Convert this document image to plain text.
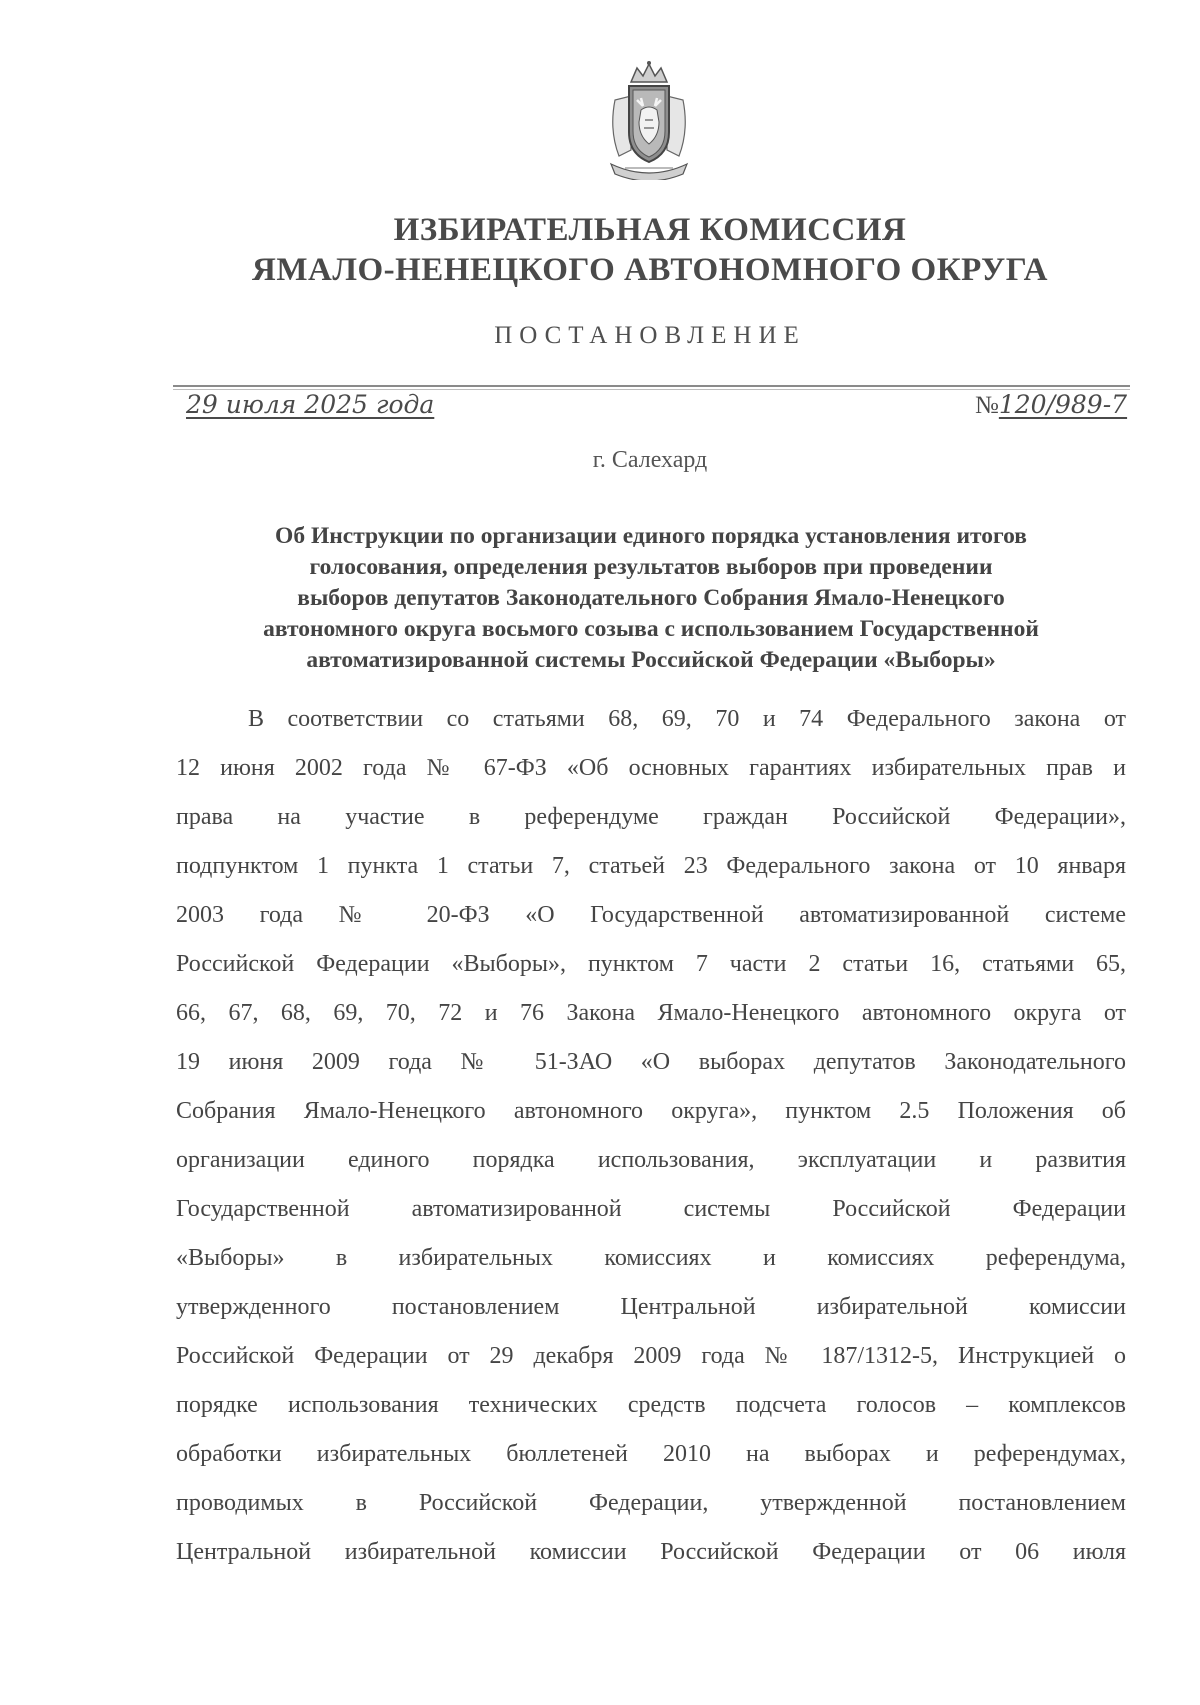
ИЗБИРАТЕЛЬНАЯ КОМИССИЯ
ЯМАЛО-НЕНЕЦКОГО АВТОНОМНОГО ОКРУГА
ПОСТАНОВЛЕНИЕ
29 июля 2025 года	№120/989-7
г. Салехард
Об Инструкции по организации единого порядка установления итогов
голосования, определения результатов выборов при проведении
выборов депутатов Законодательного Собрания Ямало-Ненецкого
автономного округа восьмого созыва с использованием Государственной
автоматизированной системы Российской Федерации «Выборы»
В соответствии со статьями 68, 69, 70 и 74 Федерального закона от
12 июня 2002 года № 67-ФЗ «Об основных гарантиях избирательных прав и
права на участие в референдуме граждан Российской Федерации»,
подпунктом 1 пункта 1 статьи 7, статьей 23 Федерального закона от 10 января
2003 года № 20-ФЗ «О Государственной автоматизированной системе
Российской Федерации «Выборы», пунктом 7 части 2 статьи 16, статьями 65,
66, 67, 68, 69, 70, 72 и 76 Закона Ямало-Ненецкого автономного округа от
19 июня 2009 года № 51-ЗАО «О выборах депутатов Законодательного
Собрания Ямало-Ненецкого автономного округа», пунктом 2.5 Положения об
организации единого порядка использования, эксплуатации и развития
Государственной автоматизированной системы Российской Федерации
«Выборы» в избирательных комиссиях и комиссиях референдума,
утвержденного постановлением Центральной избирательной комиссии
Российской Федерации от 29 декабря 2009 года № 187/1312-5, Инструкцией о
порядке использования технических средств подсчета голосов – комплексов
обработки избирательных бюллетеней 2010 на выборах и референдумах,
проводимых в Российской Федерации, утвержденной постановлением
Центральной избирательной комиссии Российской Федерации от 06 июля
